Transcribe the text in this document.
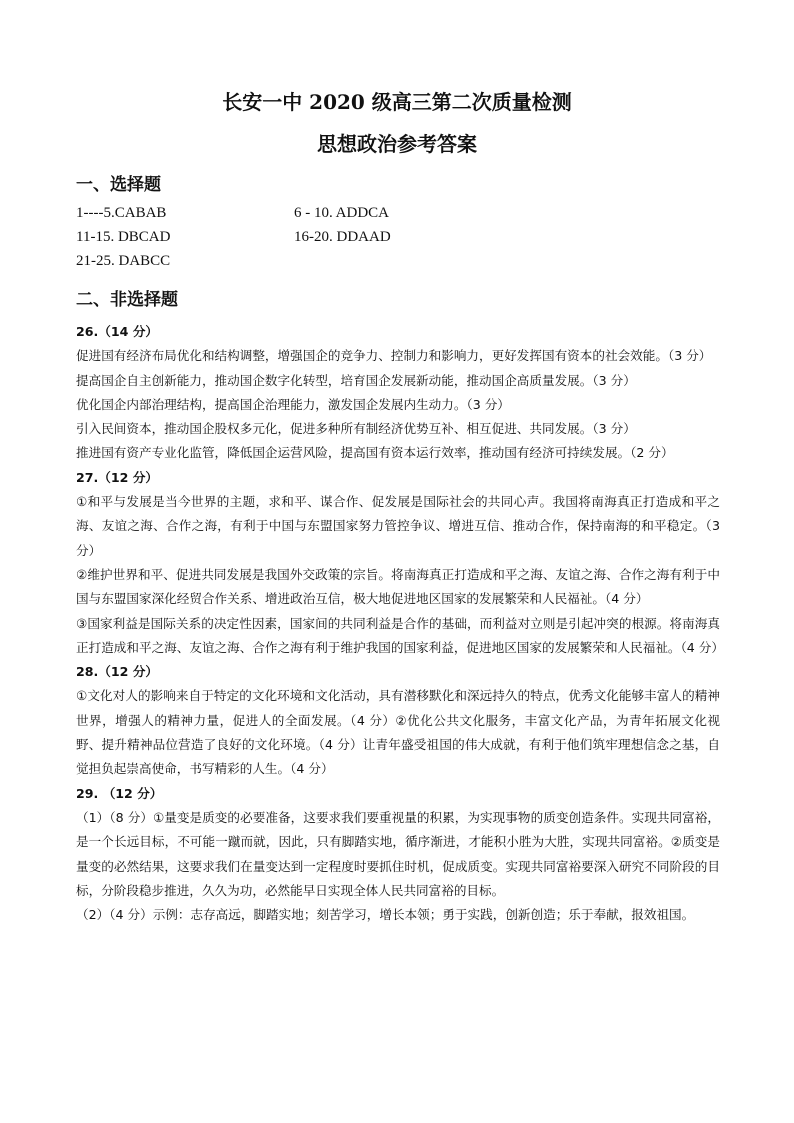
长安一中 2020 级高三第二次质量检测
思想政治参考答案
一、选择题
1----5.CABAB	6 - 10. ADDCA
11-15. DBCAD	16-20. DDAAD
21-25. DABCC
二、非选择题

26.（14 分）

促进国有经济布局优化和结构调整，增强国企的竞争力、控制力和影响力，更好发挥国有资本的社会效能。（3 分）

提高国企自主创新能力，推动国企数字化转型，培育国企发展新动能，推动国企高质量发展。（3 分）

优化国企内部治理结构，提高国企治理能力，激发国企发展内生动力。（3 分）

引入民间资本，推动国企股权多元化，促进多种所有制经济优势互补、相互促进、共同发展。（3 分）

推进国有资产专业化监管，降低国企运营风险，提高国有资本运行效率，推动国有经济可持续发展。（2 分）

27.（12 分）

①和平与发展是当今世界的主题，求和平、谋合作、促发展是国际社会的共同心声。我国将南海真正打造成和平之海、友谊之海、合作之海，有利于中国与东盟国家努力管控争议、增进互信、推动合作，保持南海的和平稳定。（3 分）

②维护世界和平、促进共同发展是我国外交政策的宗旨。将南海真正打造成和平之海、友谊之海、合作之海有利于中国与东盟国家深化经贸合作关系、增进政治互信，极大地促进地区国家的发展繁荣和人民福祉。（4 分）

③国家利益是国际关系的决定性因素，国家间的共同利益是合作的基础，而利益对立则是引起冲突的根源。将南海真正打造成和平之海、友谊之海、合作之海有利于维护我国的国家利益，促进地区国家的发展繁荣和人民福祉。（4 分）

28.（12 分）

①文化对人的影响来自于特定的文化环境和文化活动，具有潜移默化和深远持久的特点，优秀文化能够丰富人的精神世界，增强人的精神力量，促进人的全面发展。（4 分）②优化公共文化服务，丰富文化产品，为青年拓展文化视野、提升精神品位营造了良好的文化环境。（4 分）让青年盛受祖国的伟大成就，有利于他们筑牢理想信念之基，自觉担负起崇高使命，书写精彩的人生。（4 分）

29. （12 分）

（1）（8 分）①量变是质变的必要准备，这要求我们要重视量的积累，为实现事物的质变创造条件。实现共同富裕，是一个长远目标，不可能一蹴而就，因此，只有脚踏实地，循序渐进，才能积小胜为大胜，实现共同富裕。②质变是量变的必然结果，这要求我们在量变达到一定程度时要抓住时机，促成质变。实现共同富裕要深入研究不同阶段的目标，分阶段稳步推进，久久为功，必然能早日实现全体人民共同富裕的目标。

（2）（4 分）示例：志存高远，脚踏实地；刻苦学习，增长本领；勇于实践，创新创造；乐于奉献，报效祖国。
